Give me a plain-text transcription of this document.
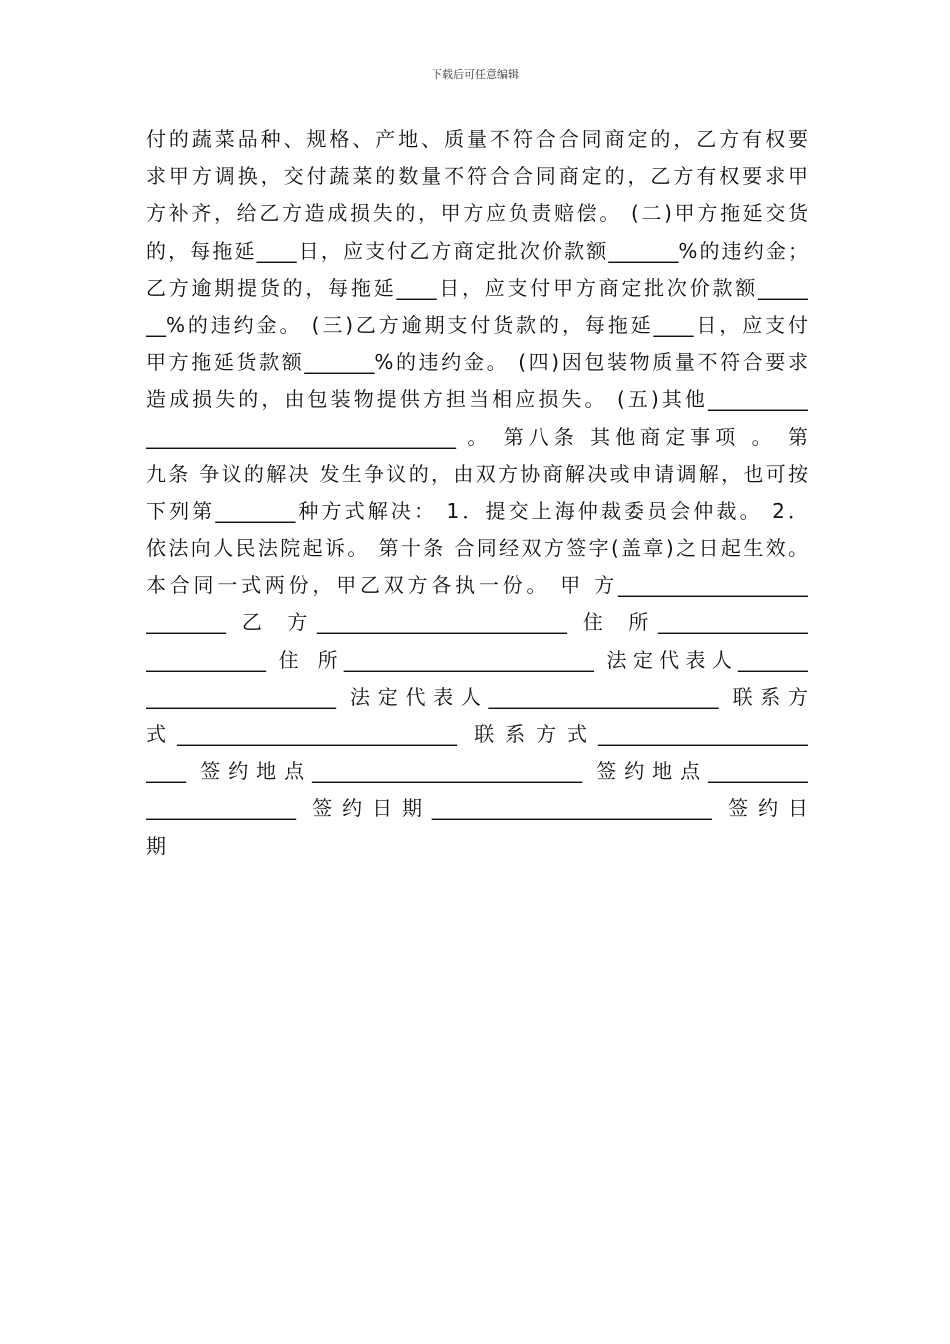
下载后可任意编辑
付的蔬菜品种、规格、产地、质量不符合合同商定的，乙方有权要
求甲方调换，交付蔬菜的数量不符合合同商定的，乙方有权要求甲
方补齐，给乙方造成损失的，甲方应负责赔偿。 (二)甲方拖延交货
的，每拖延____日，应支付乙方商定批次价款额_______%的违约金；
乙方逾期提货的，每拖延____日，应支付甲方商定批次价款额_____
__%的违约金。 (三)乙方逾期支付货款的，每拖延____日，应支付
甲方拖延货款额_______%的违约金。 (四)因包装物质量不符合要求
造成损失的，由包装物提供方担当相应损失。 (五)其他__________
_______________________________ 。 第八条 其他商定事项 。 第
九条 争议的解决 发生争议的，由双方协商解决或申请调解，也可按
下列第________种方式解决： 1．提交上海仲裁委员会仲裁。 2．
依法向人民法院起诉。 第十条 合同经双方签字(盖章)之日起生效。
本合同一式两份，甲乙双方各执一份。 甲 方___________________
________ 乙 方_________________________ 住 所_______________
____________ 住 所_________________________ 法定代表人_______
___________________ 法定代表人_______________________ 联系方
式____________________________ 联系方式_____________________
____ 签约地点___________________________ 签约地点__________
_______________ 签约日期____________________________ 签约日
期
